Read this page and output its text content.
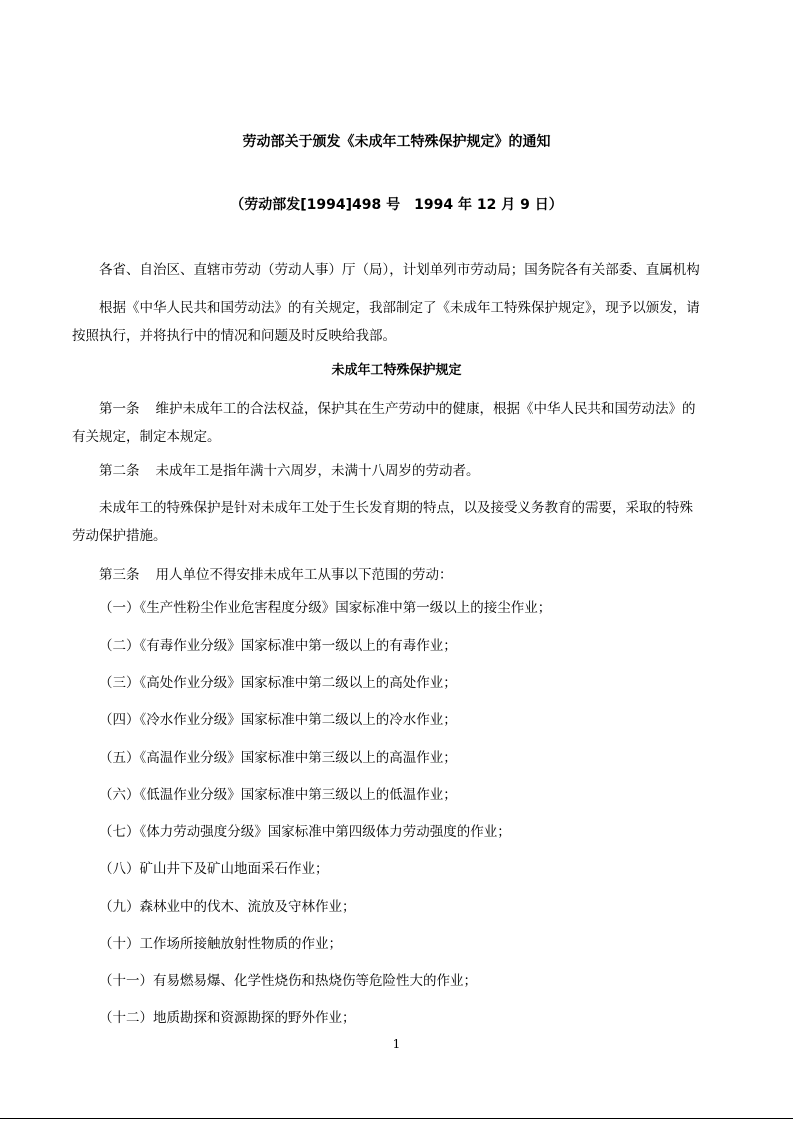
劳动部关于颁发《未成年工特殊保护规定》的通知
（劳动部发[1994]498 号　1994 年 12 月 9 日）
各省、自治区、直辖市劳动（劳动人事）厅（局），计划单列市劳动局；国务院各有关部委、直属机构
根据《中华人民共和国劳动法》的有关规定，我部制定了《未成年工特殊保护规定》，现予以颁发，请
按照执行，并将执行中的情况和问题及时反映给我部。
未成年工特殊保护规定
第一条 维护未成年工的合法权益，保护其在生产劳动中的健康，根据《中华人民共和国劳动法》的
有关规定，制定本规定。
第二条 未成年工是指年满十六周岁，未满十八周岁的劳动者。
未成年工的特殊保护是针对未成年工处于生长发育期的特点，以及接受义务教育的需要，采取的特殊
劳动保护措施。
第三条 用人单位不得安排未成年工从事以下范围的劳动：
（一）《生产性粉尘作业危害程度分级》国家标准中第一级以上的接尘作业；
（二）《有毒作业分级》国家标准中第一级以上的有毒作业；
（三）《高处作业分级》国家标准中第二级以上的高处作业；
（四）《冷水作业分级》国家标准中第二级以上的冷水作业；
（五）《高温作业分级》国家标准中第三级以上的高温作业；
（六）《低温作业分级》国家标准中第三级以上的低温作业；
（七）《体力劳动强度分级》国家标准中第四级体力劳动强度的作业；
（八）矿山井下及矿山地面采石作业；
（九）森林业中的伐木、流放及守林作业；
（十）工作场所接触放射性物质的作业；
（十一）有易燃易爆、化学性烧伤和热烧伤等危险性大的作业；
（十二）地质勘探和资源勘探的野外作业；
1
